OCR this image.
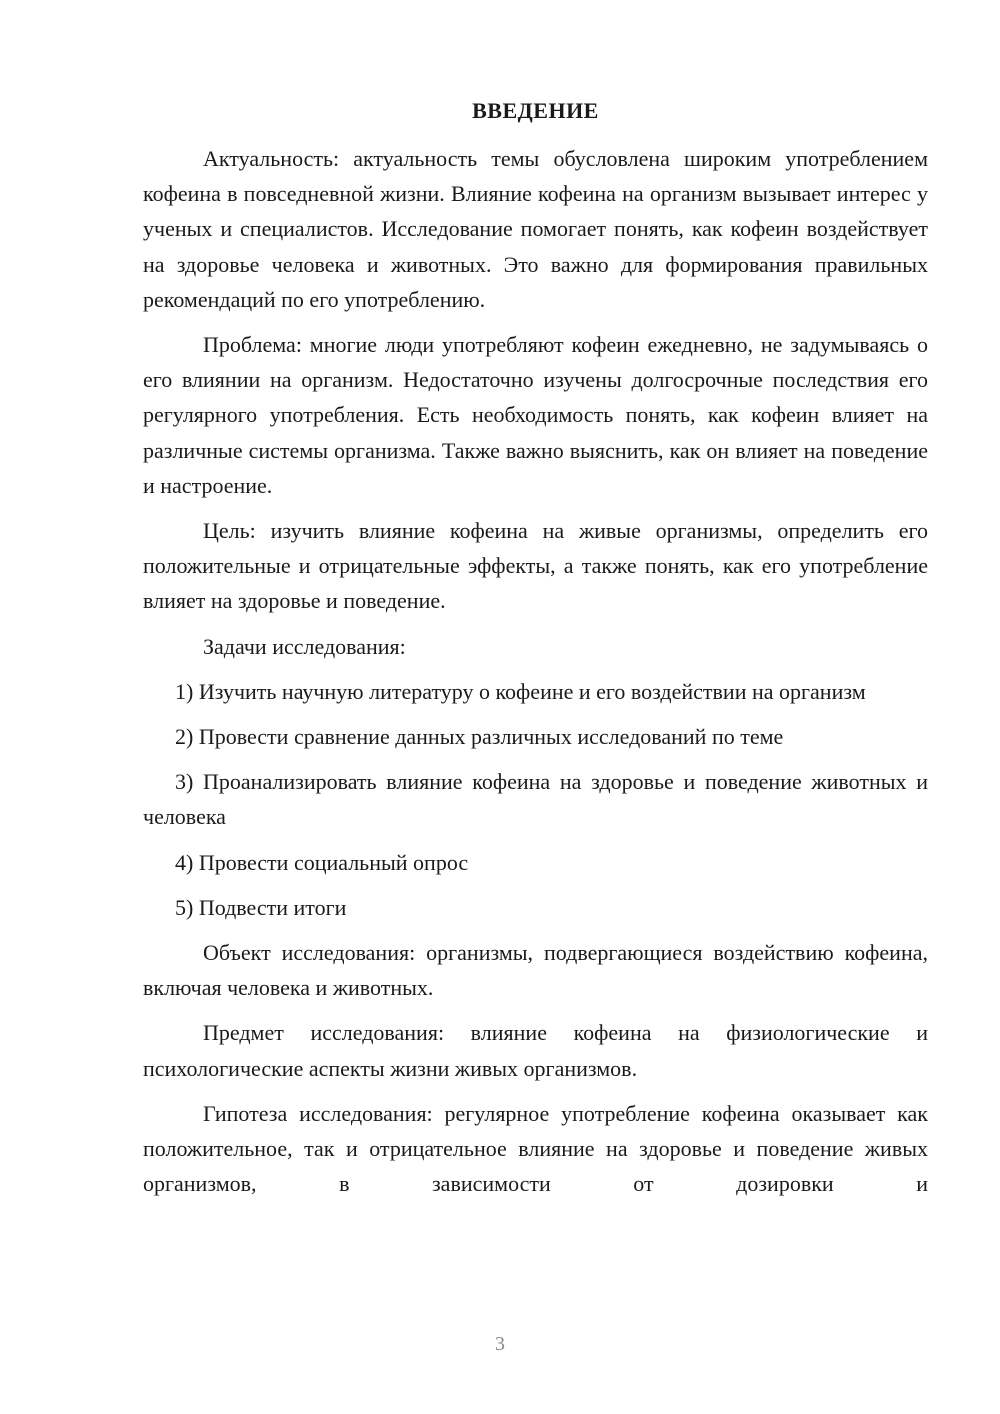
ВВЕДЕНИЕ

Актуальность: актуальность темы обусловлена широким употреблением кофеина в повседневной жизни. Влияние кофеина на организм вызывает интерес у ученых и специалистов. Исследование помогает понять, как кофеин воздействует на здоровье человека и животных. Это важно для формирования правильных рекомендаций по его употреблению.

Проблема: многие люди употребляют кофеин ежедневно, не задумываясь о его влиянии на организм. Недостаточно изучены долгосрочные последствия его регулярного употребления. Есть необходимость понять, как кофеин влияет на различные системы организма. Также важно выяснить, как он влияет на поведение и настроение.

Цель: изучить влияние кофеина на живые организмы, определить его положительные и отрицательные эффекты, а также понять, как его употребление влияет на здоровье и поведение.

Задачи исследования:

1) Изучить научную литературу о кофеине и его воздействии на организм

2) Провести сравнение данных различных исследований по теме

3) Проанализировать влияние кофеина на здоровье и поведение животных и человека

4) Провести социальный опрос

5) Подвести итоги

Объект исследования: организмы, подвергающиеся воздействию кофеина, включая человека и животных.

Предмет исследования: влияние кофеина на физиологические и психологические аспекты жизни живых организмов.

Гипотеза исследования: регулярное употребление кофеина оказывает как положительное, так и отрицательное влияние на здоровье и поведение живых организмов, в зависимости от дозировки и

3
